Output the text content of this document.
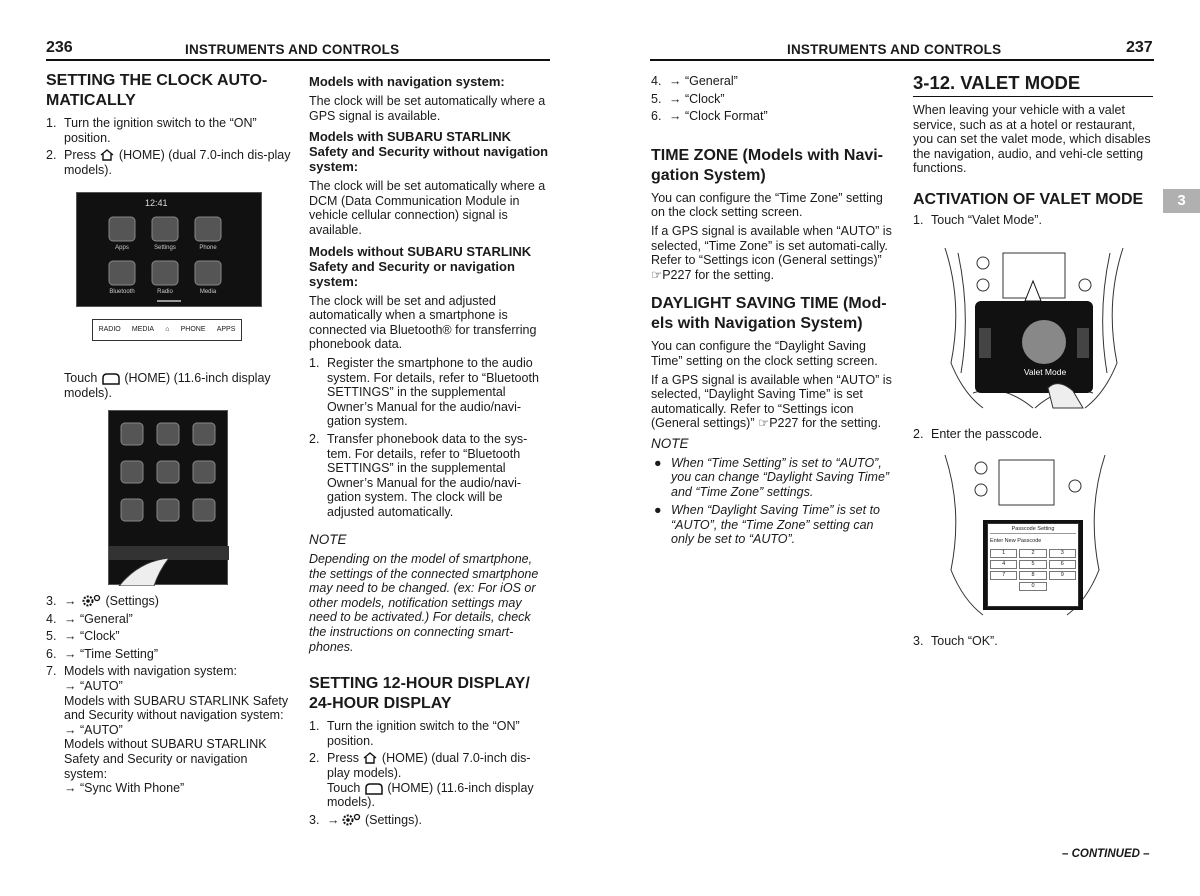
236	INSTRUMENTS AND CONTROLS
SETTING THE CLOCK AUTO-
MATICALLY
1. Turn the ignition switch to the “ON” position.
2. Press (HOME) (dual 7.0-inch dis-play models).
12:41
Apps	Settings	Phone
Bluetooth	Radio	Media
RADIO MEDIA ⌂ PHONE APPS
Touch (HOME) (11.6-inch display models).
3. →  (Settings)
4. → “General”
5. → “Clock”
6. → “Time Setting”
7. Models with navigation system:
→ “AUTO”
Models with SUBARU STARLINK Safety and Security without navigation system:
→ “AUTO”
Models without SUBARU STARLINK Safety and Security or navigation system:
→ “Sync With Phone”
Models with navigation system:

The clock will be set automatically where a GPS signal is available.

Models with SUBARU STARLINK Safety and Security without navigation system:

The clock will be set automatically where a DCM (Data Communication Module in vehicle cellular connection) signal is available.

Models without SUBARU STARLINK Safety and Security or navigation system:

The clock will be set and adjusted automatically when a smartphone is connected via Bluetooth® for transferring phonebook data.

1. Register the smartphone to the audio system. For details, refer to “Bluetooth SETTINGS” in the supplemental Owner’s Manual for the audio/navi-gation system.
2. Transfer phonebook data to the sys-tem. For details, refer to “Bluetooth SETTINGS” in the supplemental Owner’s Manual for the audio/navi-gation system. The clock will be adjusted automatically.

NOTE

Depending on the model of smartphone, the settings of the connected smartphone may need to be changed. (ex: For iOS or other models, notification settings may need to be activated.) For details, check the instructions on connecting smart-phones.

SETTING 12-HOUR DISPLAY/
24-HOUR DISPLAY
1. Turn the ignition switch to the “ON” position.
2. Press (HOME) (dual 7.0-inch dis-play models).
Touch (HOME) (11.6-inch display models).
3. → (Settings).
INSTRUMENTS AND CONTROLS	237
4. → “General”
5. → “Clock”
6. → “Clock Format”
TIME ZONE (Models with Navi-
gation System)

You can configure the “Time Zone” setting on the clock setting screen.

If a GPS signal is available when “AUTO” is selected, “Time Zone” is set automati-cally. Refer to “Settings icon (General settings)” ☞P227 for the setting.

DAYLIGHT SAVING TIME (Mod-
els with Navigation System)

You can configure the “Daylight Saving Time” setting on the clock setting screen.

If a GPS signal is available when “AUTO” is selected, “Daylight Saving Time” is set automatically. Refer to “Settings icon (General settings)” ☞P227 for the setting.

NOTE

● When “Time Setting” is set to “AUTO”, you can change “Daylight Saving Time” and “Time Zone” settings.
● When “Daylight Saving Time” is set to “AUTO”, the “Time Zone” setting can only be set to “AUTO”.
3-12. VALET MODE

When leaving your vehicle with a valet service, such as at a hotel or restaurant, you can set the valet mode, which disables the navigation, audio, and vehi-cle setting functions.

ACTIVATION OF VALET MODE
1. Touch “Valet Mode”.
3
Valet Mode
2. Enter the passcode.
Passcode Setting
Enter New Passcode
1	2	3
4	5	6
7	8	9
0
3. Touch “OK”.
– CONTINUED –
